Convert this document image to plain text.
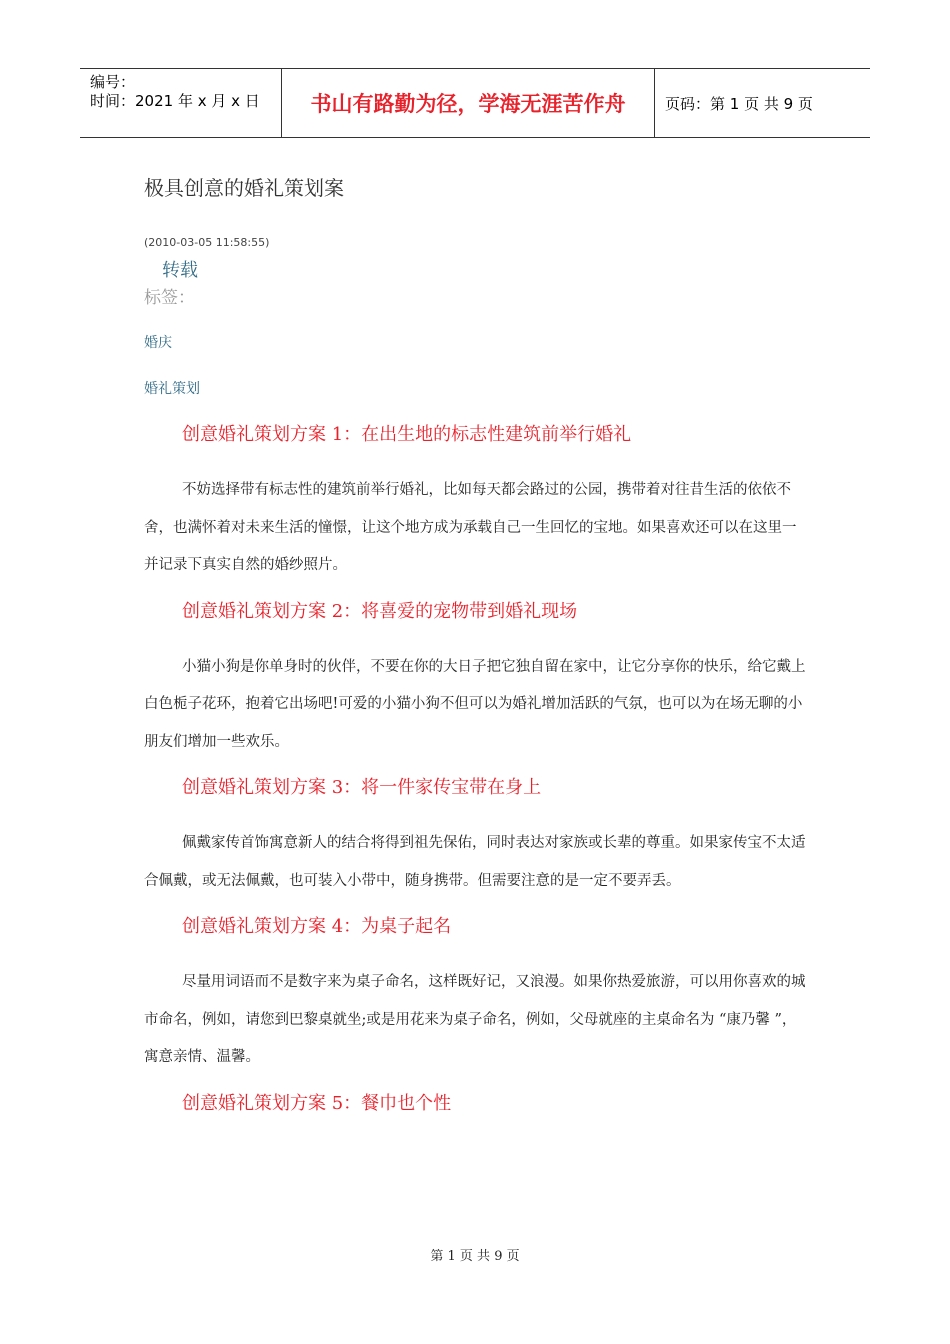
编号：
时间：2021 年 x 月 x 日	书山有路勤为径，学海无涯苦作舟	页码：第 1 页 共 9 页
极具创意的婚礼策划案
(2010-03-05 11:58:55)
转载
标签：
婚庆
婚礼策划
创意婚礼策划方案 1：在出生地的标志性建筑前举行婚礼
不妨选择带有标志性的建筑前举行婚礼，比如每天都会路过的公园，携带着对往昔生活的依依不舍，也满怀着对未来生活的憧憬，让这个地方成为承载自己一生回忆的宝地。如果喜欢还可以在这里一并记录下真实自然的婚纱照片。
创意婚礼策划方案 2：将喜爱的宠物带到婚礼现场
小猫小狗是你单身时的伙伴，不要在你的大日子把它独自留在家中，让它分享你的快乐，给它戴上白色栀子花环，抱着它出场吧!可爱的小猫小狗不但可以为婚礼增加活跃的气氛，也可以为在场无聊的小朋友们增加一些欢乐。
创意婚礼策划方案 3：将一件家传宝带在身上
佩戴家传首饰寓意新人的结合将得到祖先保佑，同时表达对家族或长辈的尊重。如果家传宝不太适合佩戴，或无法佩戴，也可装入小带中，随身携带。但需要注意的是一定不要弄丢。
创意婚礼策划方案 4：为桌子起名
尽量用词语而不是数字来为桌子命名，这样既好记，又浪漫。如果你热爱旅游，可以用你喜欢的城市命名，例如，请您到巴黎桌就坐;或是用花来为桌子命名，例如，父母就座的主桌命名为 “康乃馨 ”，寓意亲情、温馨。
创意婚礼策划方案 5：餐巾也个性
第 1 页 共 9 页
